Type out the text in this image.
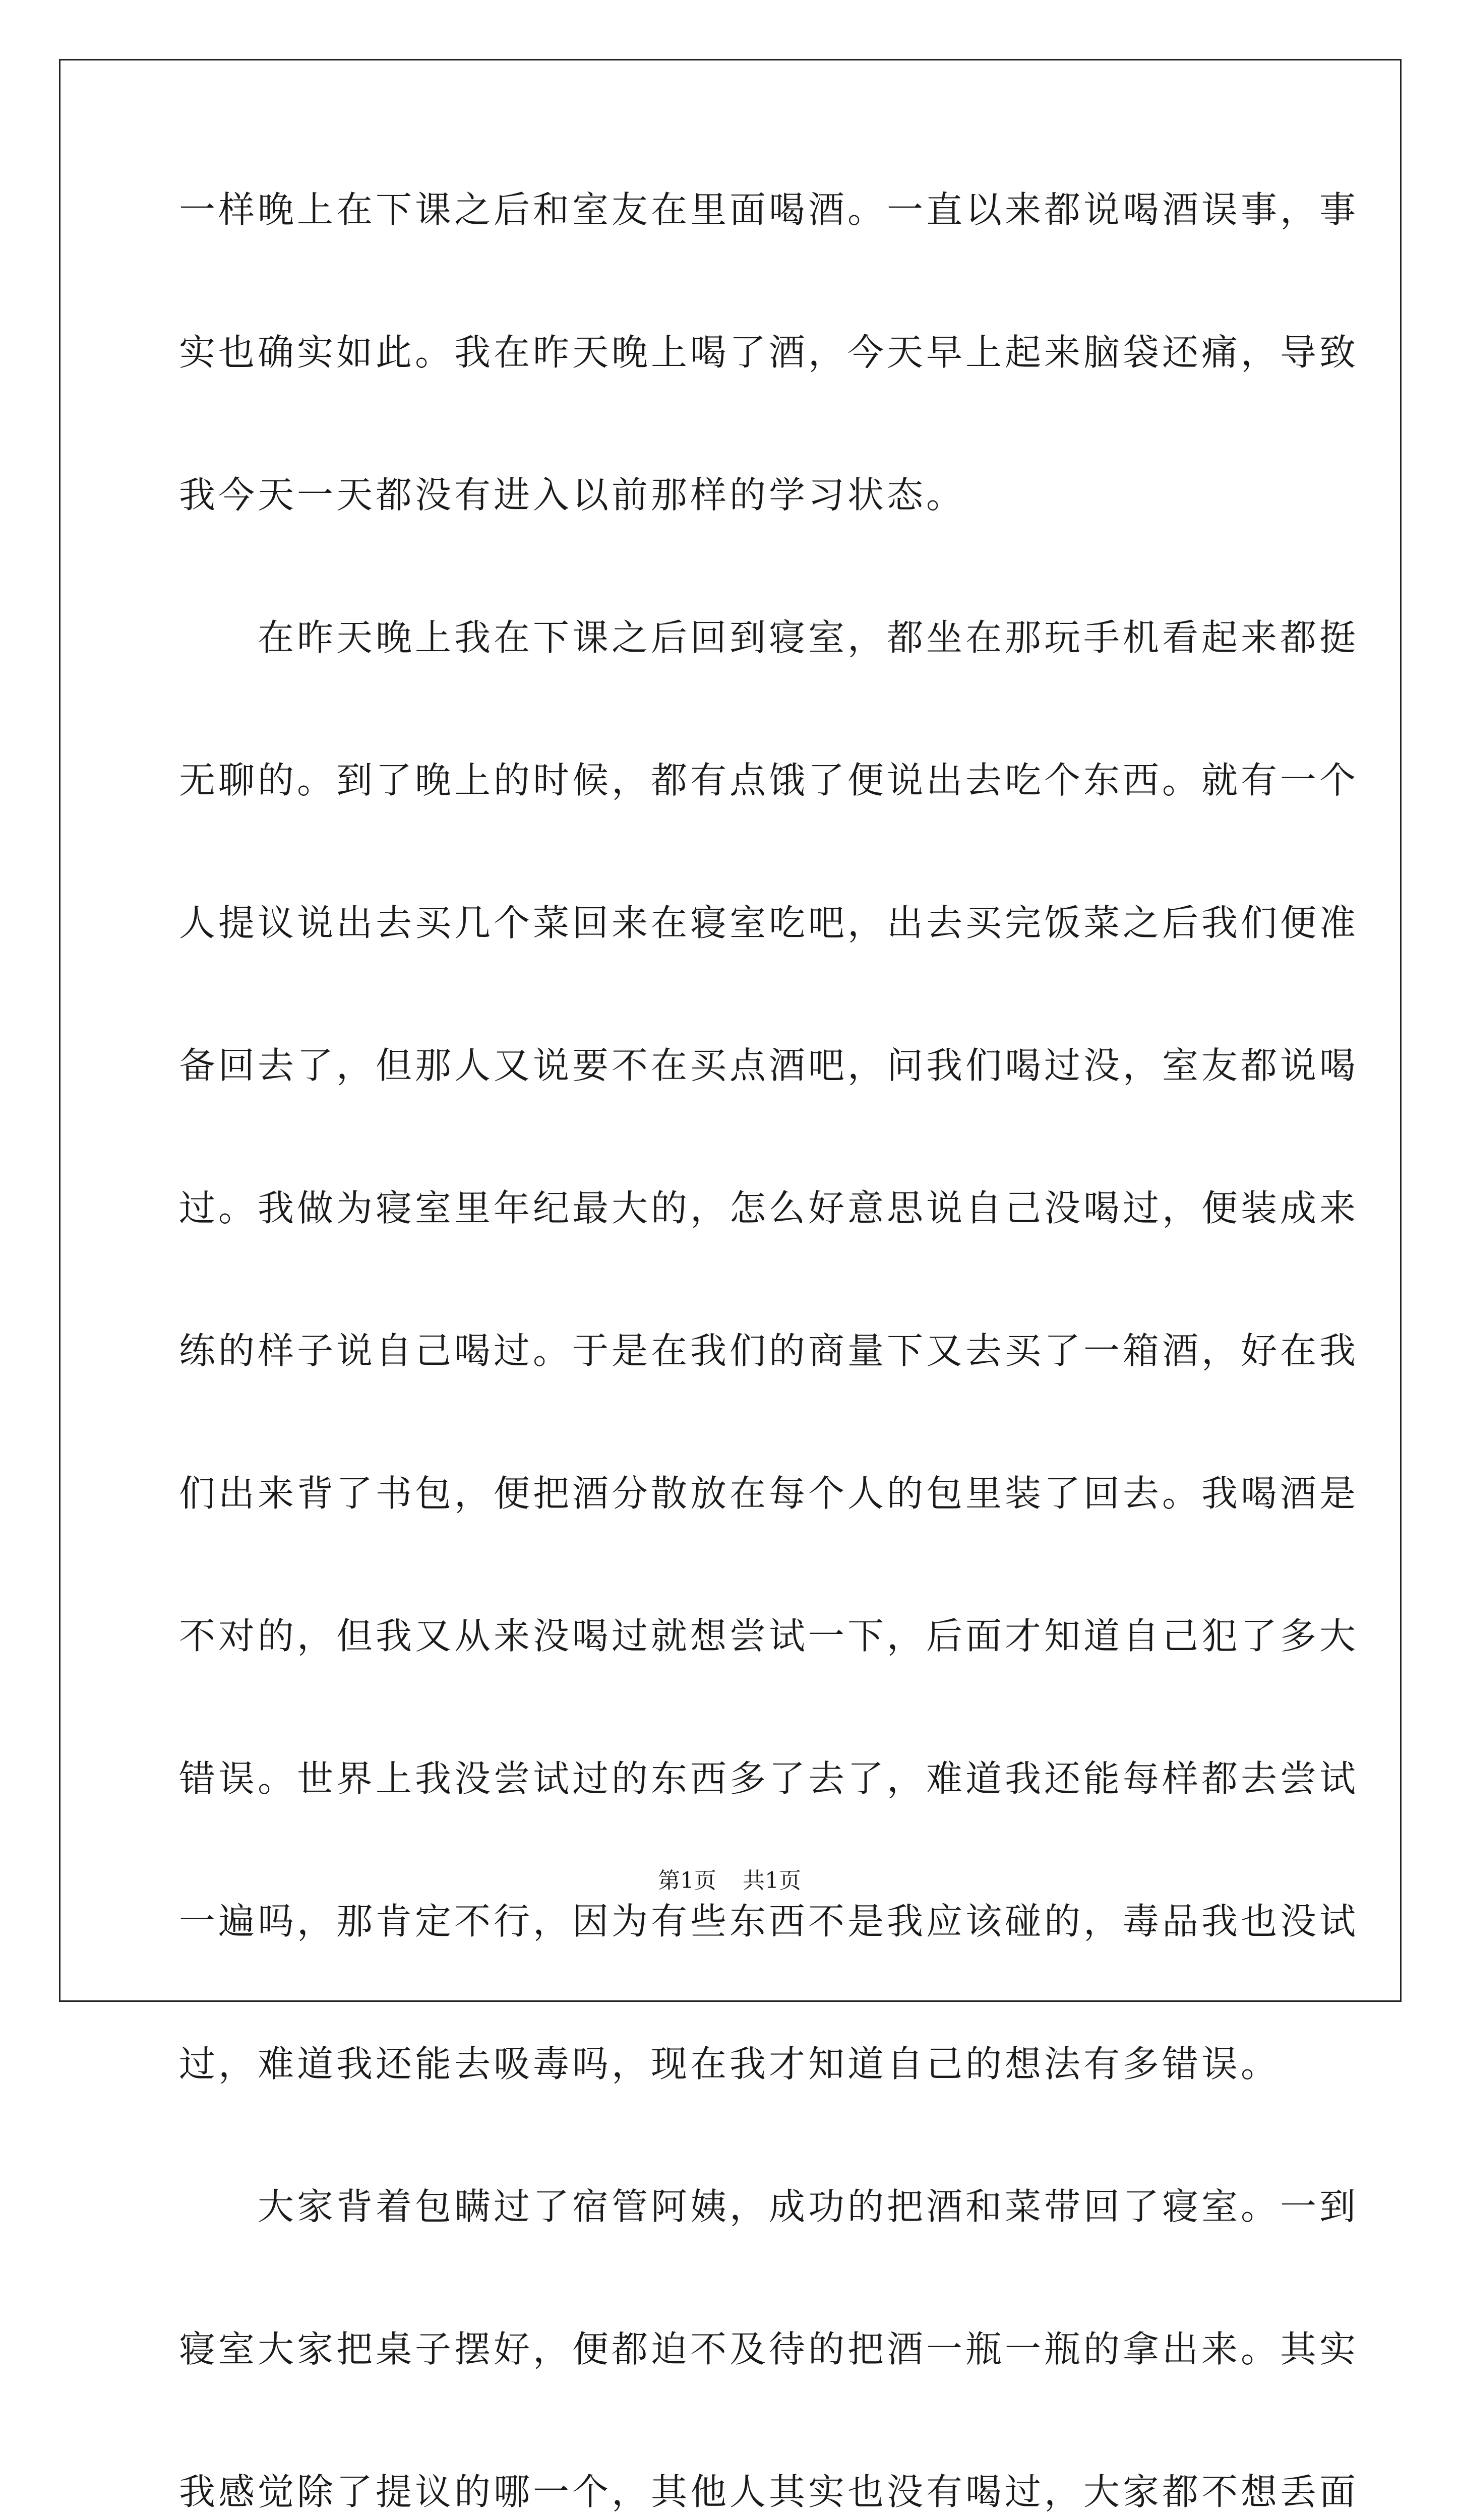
一样晚上在下课之后和室友在里面喝酒。一直以来都说喝酒误事，事
实也确实如此。我在昨天晚上喝了酒，今天早上起来脑袋还痛，导致
我今天一天都没有进入以前那样的学习状态。
　　在昨天晚上我在下课之后回到寝室，都坐在那玩手机看起来都挺
无聊的。到了晚上的时候，都有点饿了便说出去吃个东西。就有一个
人提议说出去买几个菜回来在寝室吃吧，出去买完饭菜之后我们便准
备回去了，但那人又说要不在买点酒吧，问我们喝过没，室友都说喝
过。我做为寝室里年纪最大的，怎么好意思说自己没喝过，便装成来
练的样子说自己喝过。于是在我们的商量下又去买了一箱酒，好在我
们出来背了书包，便把酒分散放在每个人的包里装了回去。我喝酒是
不对的，但我又从来没喝过就想尝试一下，后面才知道自己犯了多大
错误。世界上我没尝试过的东西多了去了，难道我还能每样都去尝试
一遍吗，那肯定不行，因为有些东西不是我应该碰的，毒品我也没试
过，难道我还能去吸毒吗，现在我才知道自己的想法有多错误。
　　大家背着包瞒过了宿管阿姨，成功的把酒和菜带回了寝室。一到
寝室大家把桌子摆好，便都迫不及待的把酒一瓶一瓶的拿出来。其实
我感觉除了提议的哪一个，其他人其实也没有喝过，大家都不想丢面
第1页 共1页
